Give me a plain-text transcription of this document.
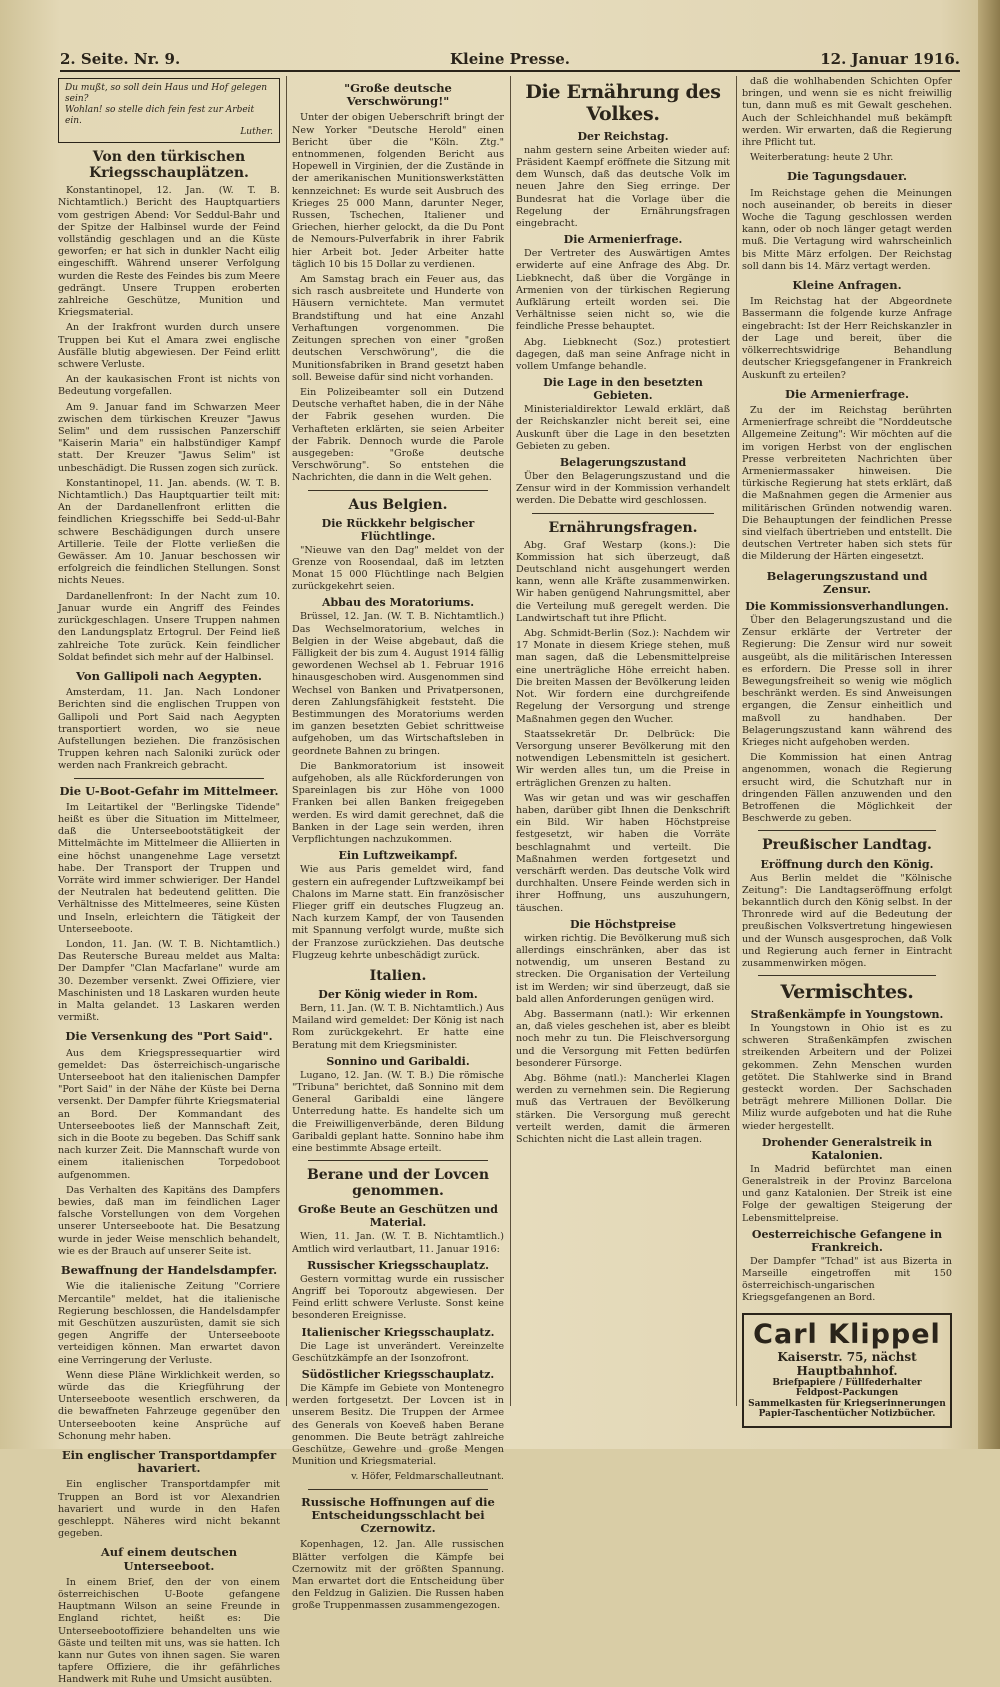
2. Seite. Nr. 9.	Kleine Presse.	12. Januar 1916.
Du mußt, so soll dein Haus und Hof gelegen sein?
Wohlan! so stelle dich fein fest zur Arbeit ein.
Luther.
Von den türkischen Kriegsschauplätzen.

Konstantinopel, 12. Jan. (W. T. B. Nichtamtlich.) Bericht des Hauptquartiers vom gestrigen Abend: Vor Seddul-Bahr und der Spitze der Halbinsel wurde der Feind vollständig geschlagen und an die Küste geworfen; er hat sich in dunkler Nacht eilig eingeschifft. Während unserer Verfolgung wurden die Reste des Feindes bis zum Meere gedrängt. Unsere Truppen eroberten zahlreiche Geschütze, Munition und Kriegsmaterial.

An der Irakfront wurden durch unsere Truppen bei Kut el Amara zwei englische Ausfälle blutig abgewiesen. Der Feind erlitt schwere Verluste.

An der kaukasischen Front ist nichts von Bedeutung vorgefallen.

Am 9. Januar fand im Schwarzen Meer zwischen dem türkischen Kreuzer "Jawus Selim" und dem russischen Panzerschiff "Kaiserin Maria" ein halbstündiger Kampf statt. Der Kreuzer "Jawus Selim" ist unbeschädigt. Die Russen zogen sich zurück.

Konstantinopel, 11. Jan. abends. (W. T. B. Nichtamtlich.) Das Hauptquartier teilt mit: An der Dardanellenfront erlitten die feindlichen Kriegsschiffe bei Sedd-ul-Bahr schwere Beschädigungen durch unsere Artillerie. Teile der Flotte verließen die Gewässer. Am 10. Januar beschossen wir erfolgreich die feindlichen Stellungen. Sonst nichts Neues.

Dardanellenfront: In der Nacht zum 10. Januar wurde ein Angriff des Feindes zurückgeschlagen. Unsere Truppen nahmen den Landungsplatz Ertogrul. Der Feind ließ zahlreiche Tote zurück. Kein feindlicher Soldat befindet sich mehr auf der Halbinsel.

Von Gallipoli nach Aegypten.

Amsterdam, 11. Jan. Nach Londoner Berichten sind die englischen Truppen von Gallipoli und Port Said nach Aegypten transportiert worden, wo sie neue Aufstellungen beziehen. Die französischen Truppen kehren nach Saloniki zurück oder werden nach Frankreich gebracht.

Die U-Boot-Gefahr im Mittelmeer.

Im Leitartikel der "Berlingske Tidende" heißt es über die Situation im Mittelmeer, daß die Unterseebootstätigkeit der Mittelmächte im Mittelmeer die Alliierten in eine höchst unangenehme Lage versetzt habe. Der Transport der Truppen und Vorräte wird immer schwieriger. Der Handel der Neutralen hat bedeutend gelitten. Die Verhältnisse des Mittelmeeres, seine Küsten und Inseln, erleichtern die Tätigkeit der Unterseeboote.

London, 11. Jan. (W. T. B. Nichtamtlich.) Das Reutersche Bureau meldet aus Malta: Der Dampfer "Clan Macfarlane" wurde am 30. Dezember versenkt. Zwei Offiziere, vier Maschinisten und 18 Laskaren wurden heute in Malta gelandet. 13 Laskaren werden vermißt.

Die Versenkung des "Port Said".

Aus dem Kriegspressequartier wird gemeldet: Das österreichisch-ungarische Unterseeboot hat den italienischen Dampfer "Port Said" in der Nähe der Küste bei Derna versenkt. Der Dampfer führte Kriegsmaterial an Bord. Der Kommandant des Unterseebootes ließ der Mannschaft Zeit, sich in die Boote zu begeben. Das Schiff sank nach kurzer Zeit. Die Mannschaft wurde von einem italienischen Torpedoboot aufgenommen.

Das Verhalten des Kapitäns des Dampfers bewies, daß man im feindlichen Lager falsche Vorstellungen von dem Vorgehen unserer Unterseeboote hat. Die Besatzung wurde in jeder Weise menschlich behandelt, wie es der Brauch auf unserer Seite ist.

Bewaffnung der Handelsdampfer.

Wie die italienische Zeitung "Corriere Mercantile" meldet, hat die italienische Regierung beschlossen, die Handelsdampfer mit Geschützen auszurüsten, damit sie sich gegen Angriffe der Unterseeboote verteidigen können. Man erwartet davon eine Verringerung der Verluste.

Wenn diese Pläne Wirklichkeit werden, so würde das die Kriegführung der Unterseeboote wesentlich erschweren, da die bewaffneten Fahrzeuge gegenüber den Unterseebooten keine Ansprüche auf Schonung mehr haben.

Ein englischer Transportdampfer havariert.

Ein englischer Transportdampfer mit Truppen an Bord ist vor Alexandrien havariert und wurde in den Hafen geschleppt. Näheres wird nicht bekannt gegeben.

Auf einem deutschen Unterseeboot.

In einem Brief, den der von einem österreichischen U-Boote gefangene Hauptmann Wilson an seine Freunde in England richtet, heißt es: Die Unterseebootoffiziere behandelten uns wie Gäste und teilten mit uns, was sie hatten. Ich kann nur Gutes von ihnen sagen. Sie waren tapfere Offiziere, die ihr gefährliches Handwerk mit Ruhe und Umsicht ausübten.

"Große deutsche Verschwörung!"

Unter der obigen Ueberschrift bringt der New Yorker "Deutsche Herold" einen Bericht über die "Köln. Ztg." entnommenen, folgenden Bericht aus Hopewell in Virginien, der die Zustände in der amerikanischen Munitionswerkstätten kennzeichnet: Es wurde seit Ausbruch des Krieges 25 000 Mann, darunter Neger, Russen, Tschechen, Italiener und Griechen, hierher gelockt, da die Du Pont de Nemours-Pulverfabrik in ihrer Fabrik hier Arbeit bot. Jeder Arbeiter hatte täglich 10 bis 15 Dollar zu verdienen.

Am Samstag brach ein Feuer aus, das sich rasch ausbreitete und Hunderte von Häusern vernichtete. Man vermutet Brandstiftung und hat eine Anzahl Verhaftungen vorgenommen. Die Zeitungen sprechen von einer "großen deutschen Verschwörung", die die Munitionsfabriken in Brand gesetzt haben soll. Beweise dafür sind nicht vorhanden.

Ein Polizeibeamter soll ein Dutzend Deutsche verhaftet haben, die in der Nähe der Fabrik gesehen wurden. Die Verhafteten erklärten, sie seien Arbeiter der Fabrik. Dennoch wurde die Parole ausgegeben: "Große deutsche Verschwörung". So entstehen die Nachrichten, die dann in die Welt gehen.

Aus Belgien.
Die Rückkehr belgischer Flüchtlinge.

"Nieuwe van den Dag" meldet von der Grenze von Roosendaal, daß im letzten Monat 15 000 Flüchtlinge nach Belgien zurückgekehrt seien.

Abbau des Moratoriums.

Brüssel, 12. Jan. (W. T. B. Nichtamtlich.) Das Wechselmoratorium, welches in Belgien in der Weise abgebaut, daß die Fälligkeit der bis zum 4. August 1914 fällig gewordenen Wechsel ab 1. Februar 1916 hinausgeschoben wird. Ausgenommen sind Wechsel von Banken und Privatpersonen, deren Zahlungsfähigkeit feststeht. Die Bestimmungen des Moratoriums werden im ganzen besetzten Gebiet schrittweise aufgehoben, um das Wirtschaftsleben in geordnete Bahnen zu bringen.

Die Bankmoratorium ist insoweit aufgehoben, als alle Rückforderungen von Spareinlagen bis zur Höhe von 1000 Franken bei allen Banken freigegeben werden. Es wird damit gerechnet, daß die Banken in der Lage sein werden, ihren Verpflichtungen nachzukommen.

Ein Luftzweikampf.

Wie aus Paris gemeldet wird, fand gestern ein aufregender Luftzweikampf bei Chalons im Marne statt. Ein französischer Flieger griff ein deutsches Flugzeug an. Nach kurzem Kampf, der von Tausenden mit Spannung verfolgt wurde, mußte sich der Franzose zurückziehen. Das deutsche Flugzeug kehrte unbeschädigt zurück.

Italien.
Der König wieder in Rom.

Bern, 11. Jan. (W. T. B. Nichtamtlich.) Aus Mailand wird gemeldet: Der König ist nach Rom zurückgekehrt. Er hatte eine Beratung mit dem Kriegsminister.

Sonnino und Garibaldi.

Lugano, 12. Jan. (W. T. B.) Die römische "Tribuna" berichtet, daß Sonnino mit dem General Garibaldi eine längere Unterredung hatte. Es handelte sich um die Freiwilligenverbände, deren Bildung Garibaldi geplant hatte. Sonnino habe ihm eine bestimmte Absage erteilt.

Berane und der Lovcen genommen.
Große Beute an Geschützen und Material.

Wien, 11. Jan. (W. T. B. Nichtamtlich.) Amtlich wird verlautbart, 11. Januar 1916:

Russischer Kriegsschauplatz.

Gestern vormittag wurde ein russischer Angriff bei Toporoutz abgewiesen. Der Feind erlitt schwere Verluste. Sonst keine besonderen Ereignisse.

Italienischer Kriegsschauplatz.

Die Lage ist unverändert. Vereinzelte Geschützkämpfe an der Isonzofront.

Südöstlicher Kriegsschauplatz.

Die Kämpfe im Gebiete von Montenegro werden fortgesetzt. Der Lovcen ist in unserem Besitz. Die Truppen der Armee des Generals von Koeveß haben Berane genommen. Die Beute beträgt zahlreiche Geschütze, Gewehre und große Mengen Munition und Kriegsmaterial.

v. Höfer, Feldmarschalleutnant.

Russische Hoffnungen auf die Entscheidungsschlacht bei Czernowitz.

Kopenhagen, 12. Jan. Alle russischen Blätter verfolgen die Kämpfe bei Czernowitz mit der größten Spannung. Man erwartet dort die Entscheidung über den Feldzug in Galizien. Die Russen haben große Truppenmassen zusammengezogen.

Die Ernährung des Volkes.
Der Reichstag.

nahm gestern seine Arbeiten wieder auf: Präsident Kaempf eröffnete die Sitzung mit dem Wunsch, daß das deutsche Volk im neuen Jahre den Sieg erringe. Der Bundesrat hat die Vorlage über die Regelung der Ernährungsfragen eingebracht.

Die Armenierfrage.

Der Vertreter des Auswärtigen Amtes erwiderte auf eine Anfrage des Abg. Dr. Liebknecht, daß über die Vorgänge in Armenien von der türkischen Regierung Aufklärung erteilt worden sei. Die Verhältnisse seien nicht so, wie die feindliche Presse behauptet.

Abg. Liebknecht (Soz.) protestiert dagegen, daß man seine Anfrage nicht in vollem Umfange behandle.

Die Lage in den besetzten Gebieten.

Ministerialdirektor Lewald erklärt, daß der Reichskanzler nicht bereit sei, eine Auskunft über die Lage in den besetzten Gebieten zu geben.

Belagerungszustand

Über den Belagerungszustand und die Zensur wird in der Kommission verhandelt werden. Die Debatte wird geschlossen.

Ernährungsfragen.

Abg. Graf Westarp (kons.): Die Kommission hat sich überzeugt, daß Deutschland nicht ausgehungert werden kann, wenn alle Kräfte zusammenwirken. Wir haben genügend Nahrungsmittel, aber die Verteilung muß geregelt werden. Die Landwirtschaft tut ihre Pflicht.

Abg. Schmidt-Berlin (Soz.): Nachdem wir 17 Monate in diesem Kriege stehen, muß man sagen, daß die Lebensmittelpreise eine unerträgliche Höhe erreicht haben. Die breiten Massen der Bevölkerung leiden Not. Wir fordern eine durchgreifende Regelung der Versorgung und strenge Maßnahmen gegen den Wucher.

Staatssekretär Dr. Delbrück: Die Versorgung unserer Bevölkerung mit den notwendigen Lebensmitteln ist gesichert. Wir werden alles tun, um die Preise in erträglichen Grenzen zu halten.

Was wir getan und was wir geschaffen haben, darüber gibt Ihnen die Denkschrift ein Bild. Wir haben Höchstpreise festgesetzt, wir haben die Vorräte beschlagnahmt und verteilt. Die Maßnahmen werden fortgesetzt und verschärft werden. Das deutsche Volk wird durchhalten. Unsere Feinde werden sich in ihrer Hoffnung, uns auszuhungern, täuschen.

Die Höchstpreise

wirken richtig. Die Bevölkerung muß sich allerdings einschränken, aber das ist notwendig, um unseren Bestand zu strecken. Die Organisation der Verteilung ist im Werden; wir sind überzeugt, daß sie bald allen Anforderungen genügen wird.

Abg. Bassermann (natl.): Wir erkennen an, daß vieles geschehen ist, aber es bleibt noch mehr zu tun. Die Fleischversorgung und die Versorgung mit Fetten bedürfen besonderer Fürsorge.

Abg. Böhme (natl.): Mancherlei Klagen werden zu vernehmen sein. Die Regierung muß das Vertrauen der Bevölkerung stärken. Die Versorgung muß gerecht verteilt werden, damit die ärmeren Schichten nicht die Last allein tragen.

daß die wohlhabenden Schichten Opfer bringen, und wenn sie es nicht freiwillig tun, dann muß es mit Gewalt geschehen. Auch der Schleichhandel muß bekämpft werden. Wir erwarten, daß die Regierung ihre Pflicht tut.

Weiterberatung: heute 2 Uhr.

Die Tagungsdauer.

Im Reichstage gehen die Meinungen noch auseinander, ob bereits in dieser Woche die Tagung geschlossen werden kann, oder ob noch länger getagt werden muß. Die Vertagung wird wahrscheinlich bis Mitte März erfolgen. Der Reichstag soll dann bis 14. März vertagt werden.

Kleine Anfragen.

Im Reichstag hat der Abgeordnete Bassermann die folgende kurze Anfrage eingebracht: Ist der Herr Reichskanzler in der Lage und bereit, über die völkerrechtswidrige Behandlung deutscher Kriegsgefangener in Frankreich Auskunft zu erteilen?

Die Armenierfrage.

Zu der im Reichstag berührten Armenierfrage schreibt die "Norddeutsche Allgemeine Zeitung": Wir möchten auf die im vorigen Herbst von der englischen Presse verbreiteten Nachrichten über Armeniermassaker hinweisen. Die türkische Regierung hat stets erklärt, daß die Maßnahmen gegen die Armenier aus militärischen Gründen notwendig waren. Die Behauptungen der feindlichen Presse sind vielfach übertrieben und entstellt. Die deutschen Vertreter haben sich stets für die Milderung der Härten eingesetzt.

Belagerungszustand und Zensur.
Die Kommissionsverhandlungen.

Über den Belagerungszustand und die Zensur erklärte der Vertreter der Regierung: Die Zensur wird nur soweit ausgeübt, als die militärischen Interessen es erfordern. Die Presse soll in ihrer Bewegungsfreiheit so wenig wie möglich beschränkt werden. Es sind Anweisungen ergangen, die Zensur einheitlich und maßvoll zu handhaben. Der Belagerungszustand kann während des Krieges nicht aufgehoben werden.

Die Kommission hat einen Antrag angenommen, wonach die Regierung ersucht wird, die Schutzhaft nur in dringenden Fällen anzuwenden und den Betroffenen die Möglichkeit der Beschwerde zu geben.

Preußischer Landtag.
Eröffnung durch den König.

Aus Berlin meldet die "Kölnische Zeitung": Die Landtagseröffnung erfolgt bekanntlich durch den König selbst. In der Thronrede wird auf die Bedeutung der preußischen Volksvertretung hingewiesen und der Wunsch ausgesprochen, daß Volk und Regierung auch ferner in Eintracht zusammenwirken mögen.

Vermischtes.
Straßenkämpfe in Youngstown.

In Youngstown in Ohio ist es zu schweren Straßenkämpfen zwischen streikenden Arbeitern und der Polizei gekommen. Zehn Menschen wurden getötet. Die Stahlwerke sind in Brand gesteckt worden. Der Sachschaden beträgt mehrere Millionen Dollar. Die Miliz wurde aufgeboten und hat die Ruhe wieder hergestellt.

Drohender Generalstreik in Katalonien.

In Madrid befürchtet man einen Generalstreik in der Provinz Barcelona und ganz Katalonien. Der Streik ist eine Folge der gewaltigen Steigerung der Lebensmittelpreise.

Oesterreichische Gefangene in Frankreich.

Der Dampfer "Tchad" ist aus Bizerta in Marseille eingetroffen mit 150 österreichisch-ungarischen Kriegsgefangenen an Bord.

Carl Klippel
Kaiserstr. 75, nächst Hauptbahnhof.
Briefpapiere / Füllfederhalter
Feldpost-Packungen
Sammelkasten für Kriegserinnerungen
Papier-Taschentücher Notizbücher.
